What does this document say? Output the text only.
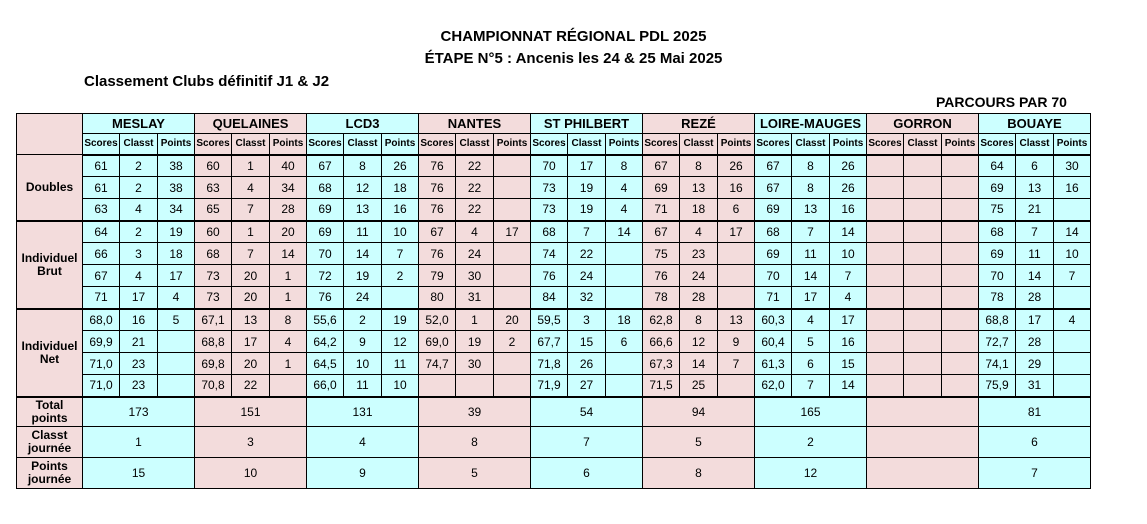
CHAMPIONNAT RÉGIONAL PDL 2025
ÉTAPE N°5 : Ancenis les 24 & 25 Mai 2025
Classement Clubs définitif J1 & J2
PARCOURS PAR 70
	MESLAY			QUELAINES			LCD3			NANTES			ST PHILBERT			REZÉ			LOIRE-MAUGES			GORRON			BOUAYE		
	Scores	Classt	Points	Scores	Classt	Points	Scores	Classt	Points	Scores	Classt	Points	Scores	Classt	Points	Scores	Classt	Points	Scores	Classt	Points	Scores	Classt	Points	Scores	Classt	Points
Doubles	61	2	38	60	1	40	67	8	26	76	22		70	17	8	67	8	26	67	8	26				64	6	30
	61	2	38	63	4	34	68	12	18	76	22		73	19	4	69	13	16	67	8	26				69	13	16
	63	4	34	65	7	28	69	13	16	76	22		73	19	4	71	18	6	69	13	16				75	21	
Individuel Brut	64	2	19	60	1	20	69	11	10	67	4	17	68	7	14	67	4	17	68	7	14				68	7	14
	66	3	18	68	7	14	70	14	7	76	24		74	22		75	23		69	11	10				69	11	10
	67	4	17	73	20	1	72	19	2	79	30		76	24		76	24		70	14	7				70	14	7
	71	17	4	73	20	1	76	24		80	31		84	32		78	28		71	17	4				78	28	
Individuel Net	68,0	16	5	67,1	13	8	55,6	2	19	52,0	1	20	59,5	3	18	62,8	8	13	60,3	4	17				68,8	17	4
	69,9	21		68,8	17	4	64,2	9	12	69,0	19	2	67,7	15	6	66,6	12	9	60,4	5	16				72,7	28	
	71,0	23		69,8	20	1	64,5	10	11	74,7	30		71,8	26		67,3	14	7	61,3	6	15				74,1	29	
	71,0	23		70,8	22		66,0	11	10				71,9	27		71,5	25		62,0	7	14				75,9	31	
Total points	173			151			131			39			54			94			165						81		
Classt journée	1			3			4			8			7			5			2						6		
Points journée	15			10			9			5			6			8			12						7		
